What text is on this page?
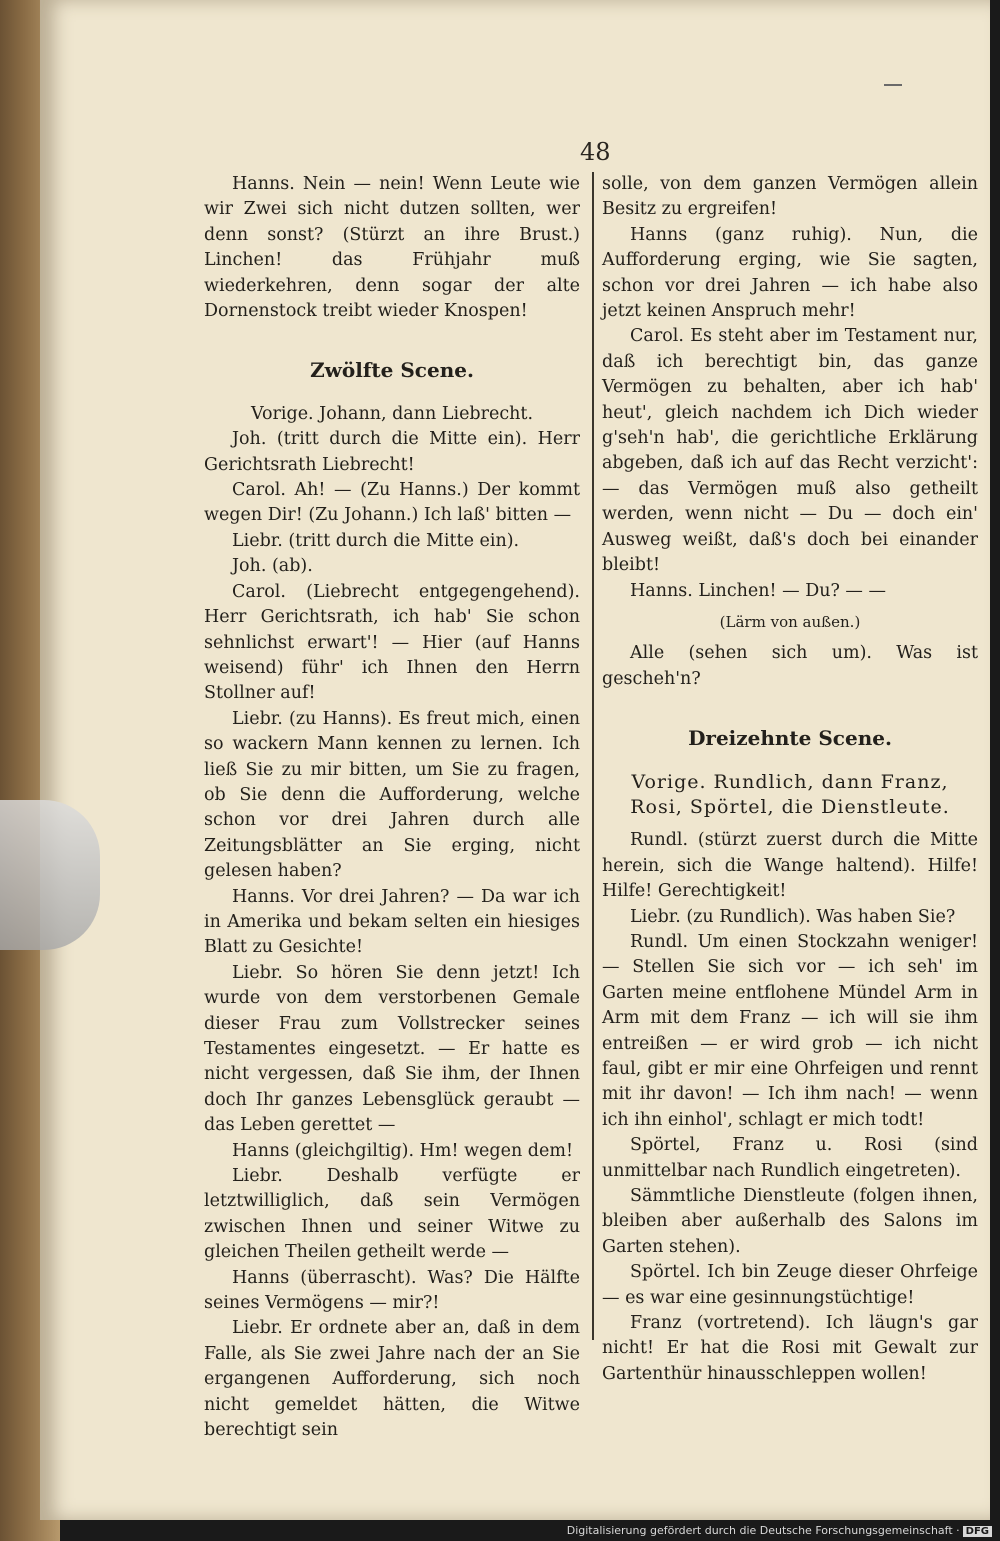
48

Hanns. Nein — nein! Wenn Leute wie wir Zwei sich nicht dutzen sollten, wer denn sonst? (Stürzt an ihre Brust.) Linchen! das Frühjahr muß wiederkehren, denn sogar der alte Dornenstock treibt wieder Knospen!

Zwölfte Scene.

Vorige. Johann, dann Liebrecht.

Joh. (tritt durch die Mitte ein). Herr Gerichtsrath Liebrecht!

Carol. Ah! — (Zu Hanns.) Der kommt wegen Dir! (Zu Johann.) Ich laß' bitten —

Liebr. (tritt durch die Mitte ein).

Joh. (ab).

Carol. (Liebrecht entgegengehend). Herr Gerichtsrath, ich hab' Sie schon sehnlichst erwart'! — Hier (auf Hanns weisend) führ' ich Ihnen den Herrn Stollner auf!

Liebr. (zu Hanns). Es freut mich, einen so wackern Mann kennen zu lernen. Ich ließ Sie zu mir bitten, um Sie zu fragen, ob Sie denn die Aufforderung, welche schon vor drei Jahren durch alle Zeitungsblätter an Sie erging, nicht gelesen haben?

Hanns. Vor drei Jahren? — Da war ich in Amerika und bekam selten ein hiesiges Blatt zu Gesichte!

Liebr. So hören Sie denn jetzt! Ich wurde von dem verstorbenen Gemale dieser Frau zum Vollstrecker seines Testamentes eingesetzt. — Er hatte es nicht vergessen, daß Sie ihm, der Ihnen doch Ihr ganzes Lebensglück geraubt — das Leben gerettet —

Hanns (gleichgiltig). Hm! wegen dem!

Liebr. Deshalb verfügte er letztwilliglich, daß sein Vermögen zwischen Ihnen und seiner Witwe zu gleichen Theilen getheilt werde —

Hanns (überrascht). Was? Die Hälfte seines Vermögens — mir?!

Liebr. Er ordnete aber an, daß in dem Falle, als Sie zwei Jahre nach der an Sie ergangenen Aufforderung, sich noch nicht gemeldet hätten, die Witwe berechtigt sein

solle, von dem ganzen Vermögen allein Besitz zu ergreifen!

Hanns (ganz ruhig). Nun, die Aufforderung erging, wie Sie sagten, schon vor drei Jahren — ich habe also jetzt keinen Anspruch mehr!

Carol. Es steht aber im Testament nur, daß ich berechtigt bin, das ganze Vermögen zu behalten, aber ich hab' heut', gleich nachdem ich Dich wieder g'seh'n hab', die gerichtliche Erklärung abgeben, daß ich auf das Recht verzicht': — das Vermögen muß also getheilt werden, wenn nicht — Du — doch ein' Ausweg weißt, daß's doch bei einander bleibt!

Hanns. Linchen! — Du? — —

(Lärm von außen.)

Alle (sehen sich um). Was ist gescheh'n?

Dreizehnte Scene.

Vorige. Rundlich, dann Franz, Rosi, Spörtel, die Dienstleute.

Rundl. (stürzt zuerst durch die Mitte herein, sich die Wange haltend). Hilfe! Hilfe! Gerechtigkeit!

Liebr. (zu Rundlich). Was haben Sie?

Rundl. Um einen Stockzahn weniger! — Stellen Sie sich vor — ich seh' im Garten meine entflohene Mündel Arm in Arm mit dem Franz — ich will sie ihm entreißen — er wird grob — ich nicht faul, gibt er mir eine Ohrfeigen und rennt mit ihr davon! — Ich ihm nach! — wenn ich ihn einhol', schlagt er mich todt!

Spörtel, Franz u. Rosi (sind unmittelbar nach Rundlich eingetreten).

Sämmtliche Dienstleute (folgen ihnen, bleiben aber außerhalb des Salons im Garten stehen).

Spörtel. Ich bin Zeuge dieser Ohrfeige — es war eine gesinnungstüchtige!

Franz (vortretend). Ich läugn's gar nicht! Er hat die Rosi mit Gewalt zur Gartenthür hinausschleppen wollen!

Digitalisierung gefördert durch die Deutsche Forschungsgemeinschaft · DFG
